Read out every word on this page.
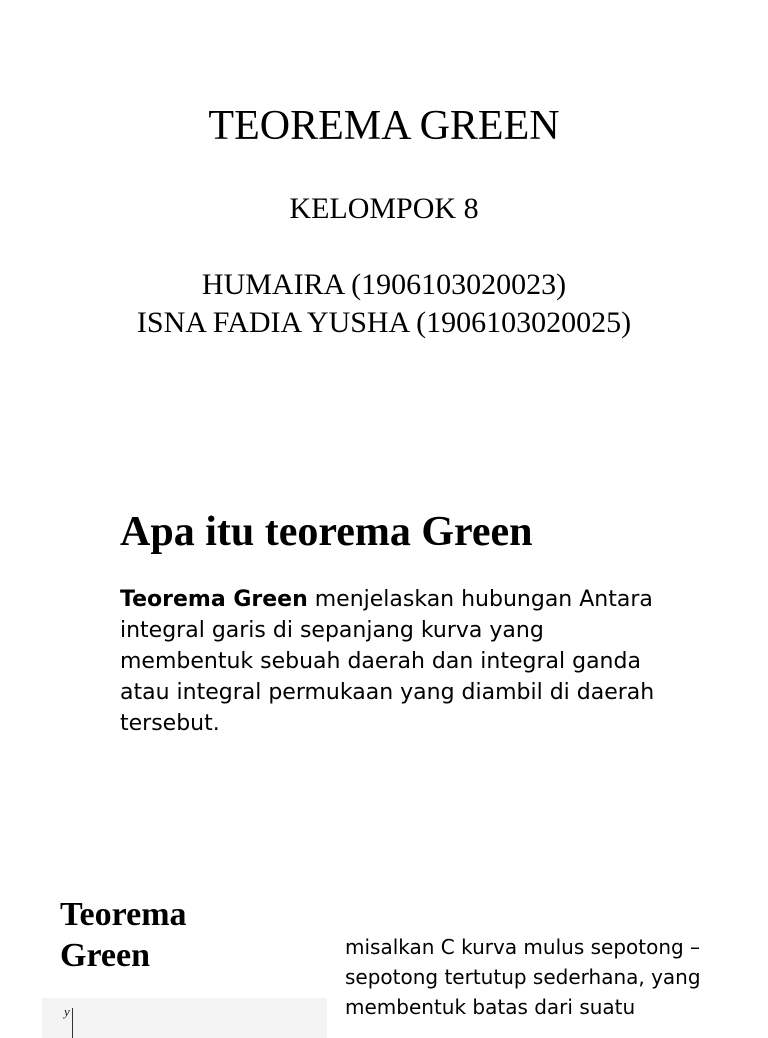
TEOREMA GREEN
KELOMPOK 8
HUMAIRA (1906103020023)
ISNA FADIA YUSHA (1906103020025)
Apa itu teorema Green
Teorema Green menjelaskan hubungan Antara integral garis di sepanjang kurva yang membentuk sebuah daerah dan integral ganda atau integral permukaan yang diambil di daerah tersebut.
Teorema
Green	misalkan C kurva mulus sepotong – sepotong tertutup sederhana, yang membentuk batas dari suatu
y
